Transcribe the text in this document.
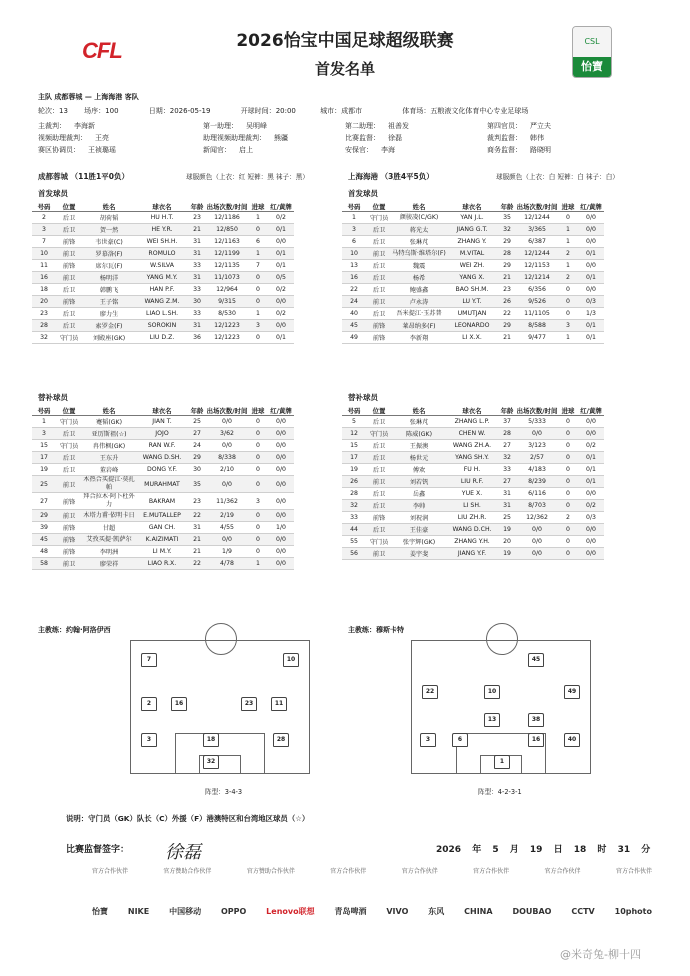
CFL	2026怡宝中国足球超级联赛
首发名单
CSL
怡寶
主队 成都蓉城 — 上海海港 客队
轮次：13 场序：100	日期：2026-05-19	开球时间：20:00	城市：成都市	体育场：五粮液文化体育中心专业足球场
主裁判： 李海新	第一助理： 吴明峰	第二助理： 祖善发	第四官员： 严立夫
视频助理裁判： 王亮	助理视频助理裁判： 熊疆	比赛监督： 徐磊	裁判监督： 韩伟
赛区协调员： 王祯璐瑶	新闻官： 启上	安保官： 李海	商务监督： 路晓明
成都蓉城 （11胜1平0负）	球服颜色（上衣：红 短裤：黑 袜子：黑）	上海海港 （3胜4平5负）	球服颜色（上衣：白 短裤：白 袜子：白）
首发球员	首发球员
号码	位置	姓名	球衣名	年龄	出场次数/时间	进球	红/黄牌
2	后卫	胡荷韬	HU H.T.	23	12/1186	1	0/2
3	后卫	贺一然	HE Y.R.	21	12/850	0	0/1
7	前锋	韦世豪(C)	WEI SH.H.	31	12/1163	6	0/0
10	前卫	罗慕洛(F)	ROMULO	31	12/1199	1	0/1
11	前锋	席尔瓦(F)	W.SILVA	33	12/1135	7	0/1
16	前卫	杨明洋	YANG M.Y.	31	11/1073	0	0/5
18	后卫	韩鹏飞	HAN P.F.	33	12/964	0	0/2
20	前锋	王子铭	WANG Z.M.	30	9/315	0	0/0
23	后卫	廖力生	LIAO L.SH.	33	8/530	1	0/2
28	后卫	索罗金(F)	SOROKIN	31	12/1223	3	0/0
32	守门员	刘殿座(GK)	LIU D.Z.	36	12/1223	0	0/1
号码	位置	姓名	球衣名	年龄	出场次数/时间	进球	红/黄牌
1	守门员	颜骏凌(C/GK)	YAN J.L.	35	12/1244	0	0/0
3	后卫	蒋光太	JIANG G.T.	32	3/365	1	0/0
6	后卫	张琳芃	ZHANG Y.	29	6/387	1	0/0
10	前卫	马特乌斯·维塔尔(F)	M.VITAL	28	12/1244	2	0/1
13	后卫	魏震	WEI ZH.	29	12/1153	1	0/0
16	后卫	杨希	YANG X.	21	12/1214	2	0/1
22	后卫	鲍盛鑫	BAO SH.M.	23	6/356	0	0/0
24	前卫	卢永涛	LU Y.T.	26	9/526	0	0/3
40	后卫	吾米提江·玉苏普	UMUTJAN	22	11/1105	0	1/3
45	前锋	莱昂纳多(F)	LEONARDO	29	8/588	3	0/1
49	前锋	李新翔	LI X.X.	21	9/477	1	0/1
替补球员	替补球员
号码	位置	姓名	球衣名	年龄	出场次数/时间	进球	红/黄牌
1	守门员	蹇韬(GK)	JIAN T.	25	0/0	0	0/0
3	后卫	亚历斯祖(☆)	JOJO	27	3/62	0	0/0
15	守门员	冉伟枫(GK)	RAN W.F.	24	0/0	0	0/0
17	后卫	王东升	WANG D.SH.	29	8/338	0	0/0
19	后卫	董岩峰	DONG Y.F.	30	2/10	0	0/0
25	前卫	木热合买提江·莫扎帕	MURAHMAT	35	0/0	0	0/0
27	前锋	拜合拉木·阿卜杜外力	BAKRAM	23	11/362	3	0/0
29	前卫	木塔力甫·依明卡日	E.MUTALLEP	22	2/19	0	0/0
39	前锋	甘超	GAN CH.	31	4/55	0	1/0
45	前锋	艾孜买提·凯萨尔	K.AIZIMATI	21	0/0	0	0/0
48	前锋	李明洲	LI M.Y.	21	1/9	0	0/0
58	前卫	廖荣祥	LIAO R.X.	22	4/78	1	0/0
号码	位置	姓名	球衣名	年龄	出场次数/时间	进球	红/黄牌
5	后卫	张琳芃	ZHANG L.P.	37	5/333	0	0/0
12	守门员	陈威(GK)	CHEN W.	28	0/0	0	0/0
15	后卫	王振澳	WANG ZH.A.	27	3/123	0	0/2
17	后卫	杨世元	YANG SH.Y.	32	2/57	0	0/1
19	后卫	傅欢	FU H.	33	4/183	0	0/1
26	前卫	刘若钒	LIU R.F.	27	8/239	0	0/1
28	后卫	岳鑫	YUE X.	31	6/116	0	0/0
32	后卫	李帅	LI SH.	31	8/703	0	0/2
33	前锋	刘祝润	LIU ZH.R.	25	12/362	2	0/3
44	后卫	王佳豪	WANG D.CH.	19	0/0	0	0/0
55	守门员	张宇辉(GK)	ZHANG Y.H.	20	0/0	0	0/0
56	前卫	姜宇斐	JIANG Y.F.	19	0/0	0	0/0
主教练：约翰·阿洛伊西	主教练：穆斯卡特
7	10
2	16	23	11
3	18	28
32
阵型：3-4-3
45
22	10	49
13	38
3	40
6	16
1
阵型：4-2-3-1
说明：守门员（GK）队长（C）外援（F）港澳特区和台湾地区球员（☆）
比赛监督签字： 徐磊	2026 年 5 月 19 日 18 时 31 分
官方合作伙伴	官方赞助合作伙伴	官方赞助合作伙伴	官方合作伙伴	官方合作伙伴	官方合作伙伴	官方合作伙伴	官方合作伙伴
怡寶 NIKE 中国移动 OPPO Lenovo联想 青岛啤酒 VIVO 东风 CHINA DOUBAO CCTV 10photo
@米奇兔-柳十四
